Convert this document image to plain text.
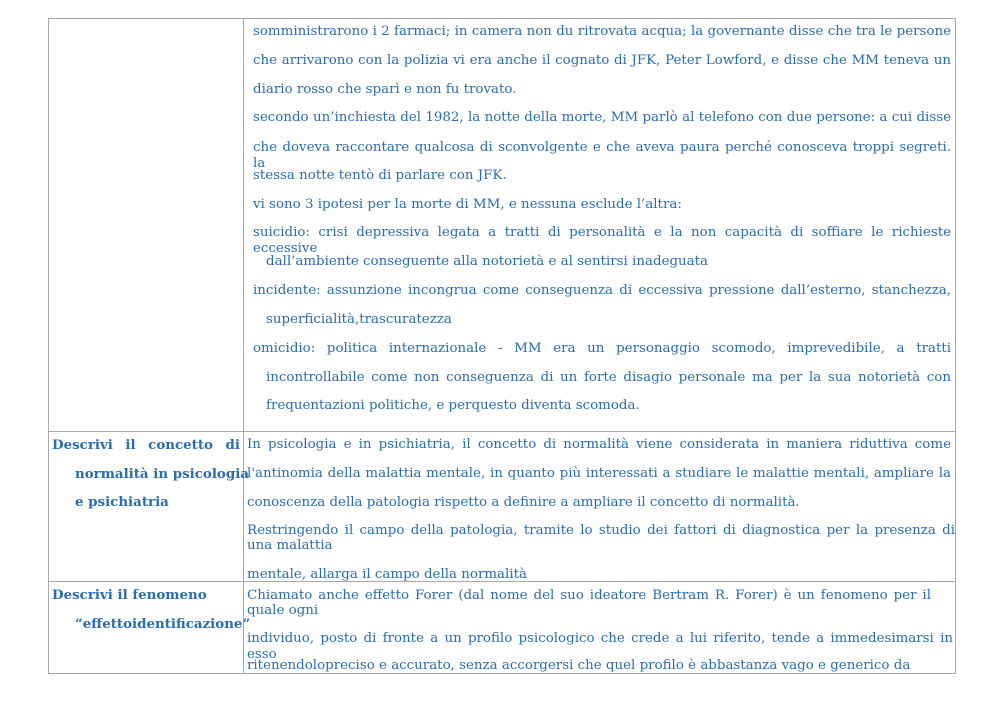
somministrarono i 2 farmaci; in camera non du ritrovata acqua; la governante disse che tra le persone
che arrivarono con la polizia vi era anche il cognato di JFK, Peter Lowford, e disse che MM teneva un
diario rosso che sparì e non fu trovato.
secondo un’inchiesta del 1982, la notte della morte, MM parlò al telefono con due persone: a cui disse
che doveva raccontare qualcosa di sconvolgente e che aveva paura perché conosceva troppi segreti. la
stessa notte tentò di parlare con JFK.
vi sono 3 ipotesi per la morte di MM, e nessuna esclude l’altra:
suicidio: crisi depressiva legata a tratti di personalità e la non capacità di soffiare le richieste eccessive
dall’ambiente conseguente alla notorietà e al sentirsi inadeguata
incidente: assunzione incongrua come conseguenza di eccessiva pressione dall’esterno, stanchezza,
superficialità,trascuratezza
omicidio: politica internazionale - MM era un personaggio scomodo, imprevedibile, a tratti
incontrollabile come non conseguenza di un forte disagio personale ma per la sua notorietà con
frequentazioni politiche, e perquesto diventa scomoda.
Descrivi il concetto di
normalità in psicologia
e psichiatria
In psicologia e in psichiatria, il concetto di normalità viene considerata in maniera riduttiva come
l'antinomia della malattia mentale, in quanto più interessati a studiare le malattie mentali, ampliare la
conoscenza della patologia rispetto a definire a ampliare il concetto di normalità.
Restringendo il campo della patologia, tramite lo studio dei fattori di diagnostica per la presenza di
una malattia
mentale, allarga il campo della normalità
Descrivi il fenomeno
“effettoidentificazione”
Chiamato anche effetto Forer (dal nome del suo ideatore Bertram R. Forer) è un fenomeno per il
quale ogni
individuo, posto di fronte a un profilo psicologico che crede a lui riferito, tende a immedesimarsi in esso
ritenendolopreciso e accurato, senza accorgersi che quel profilo è abbastanza vago e generico da
